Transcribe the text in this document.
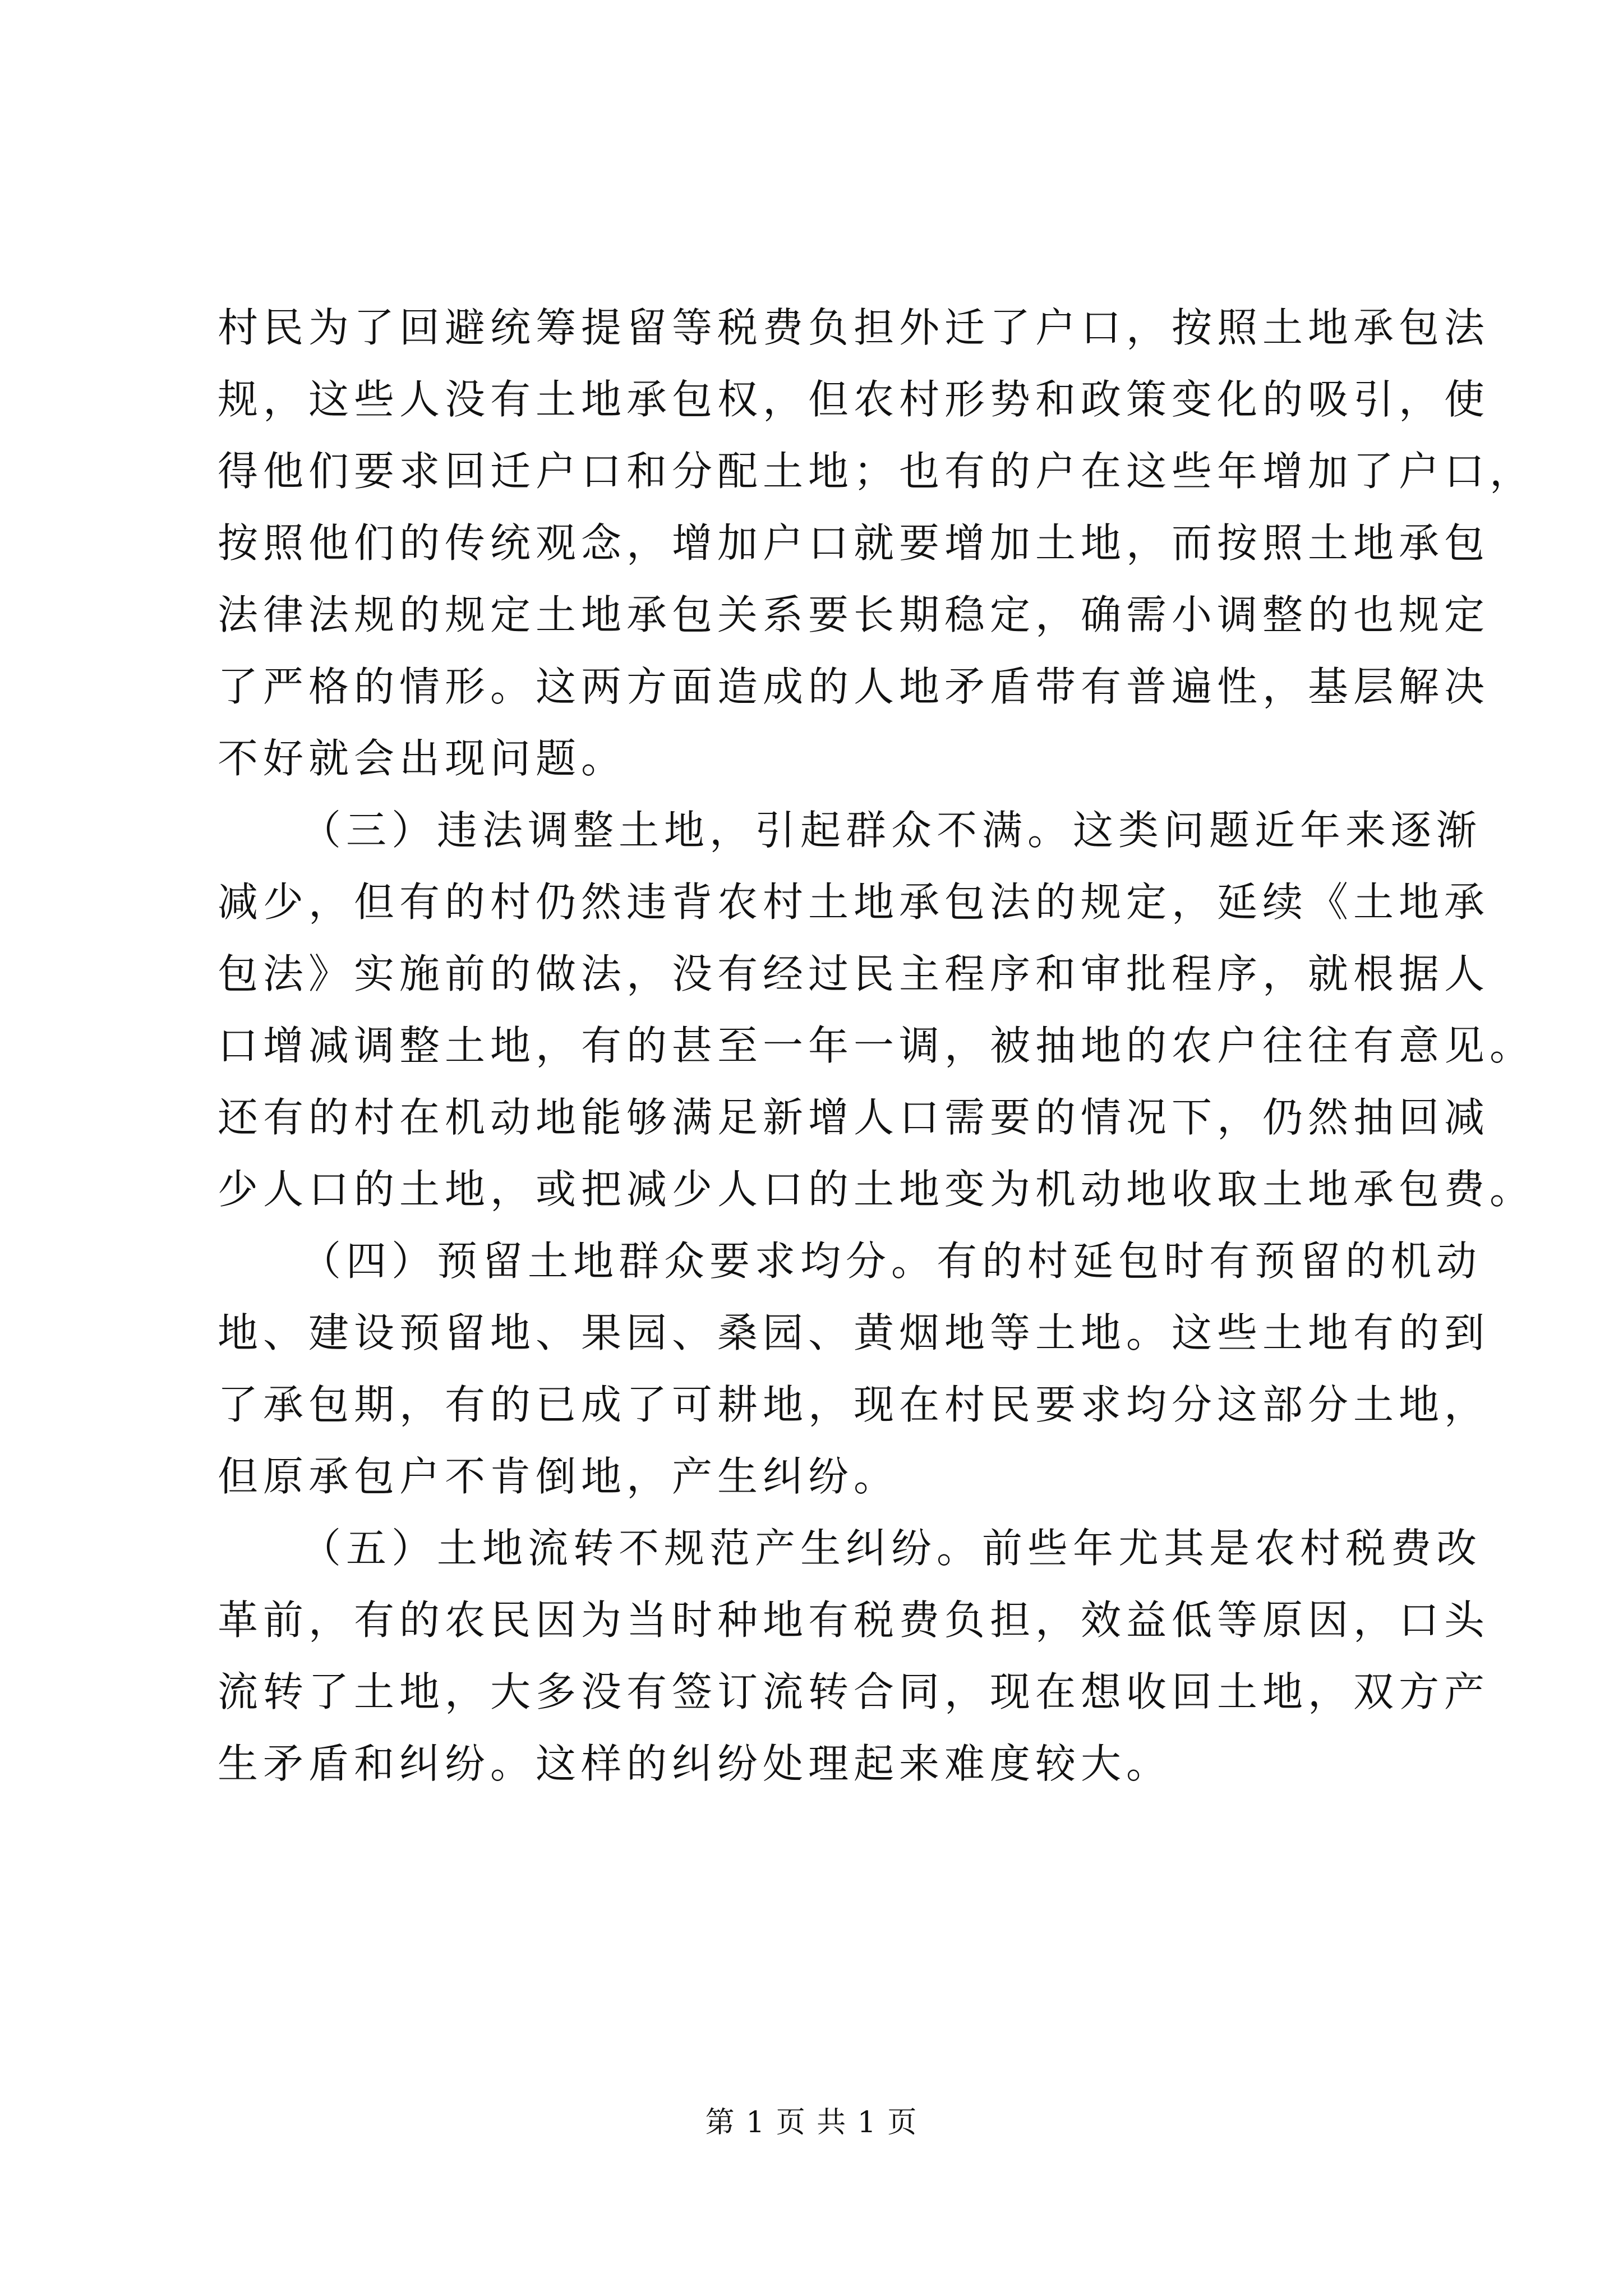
村民为了回避统筹提留等税费负担外迁了户口，按照土地承包法
规，这些人没有土地承包权，但农村形势和政策变化的吸引，使
得他们要求回迁户口和分配土地；也有的户在这些年增加了户口，
按照他们的传统观念，增加户口就要增加土地，而按照土地承包
法律法规的规定土地承包关系要长期稳定，确需小调整的也规定
了严格的情形。这两方面造成的人地矛盾带有普遍性，基层解决
不好就会出现问题。
（三）违法调整土地，引起群众不满。这类问题近年来逐渐
减少，但有的村仍然违背农村土地承包法的规定，延续《土地承
包法》实施前的做法，没有经过民主程序和审批程序，就根据人
口增减调整土地，有的甚至一年一调，被抽地的农户往往有意见。
还有的村在机动地能够满足新增人口需要的情况下，仍然抽回减
少人口的土地，或把减少人口的土地变为机动地收取土地承包费。
（四）预留土地群众要求均分。有的村延包时有预留的机动
地、建设预留地、果园、桑园、黄烟地等土地。这些土地有的到
了承包期，有的已成了可耕地，现在村民要求均分这部分土地，
但原承包户不肯倒地，产生纠纷。
（五）土地流转不规范产生纠纷。前些年尤其是农村税费改
革前，有的农民因为当时种地有税费负担，效益低等原因，口头
流转了土地，大多没有签订流转合同，现在想收回土地，双方产
生矛盾和纠纷。这样的纠纷处理起来难度较大。
第 1 页 共 1 页
